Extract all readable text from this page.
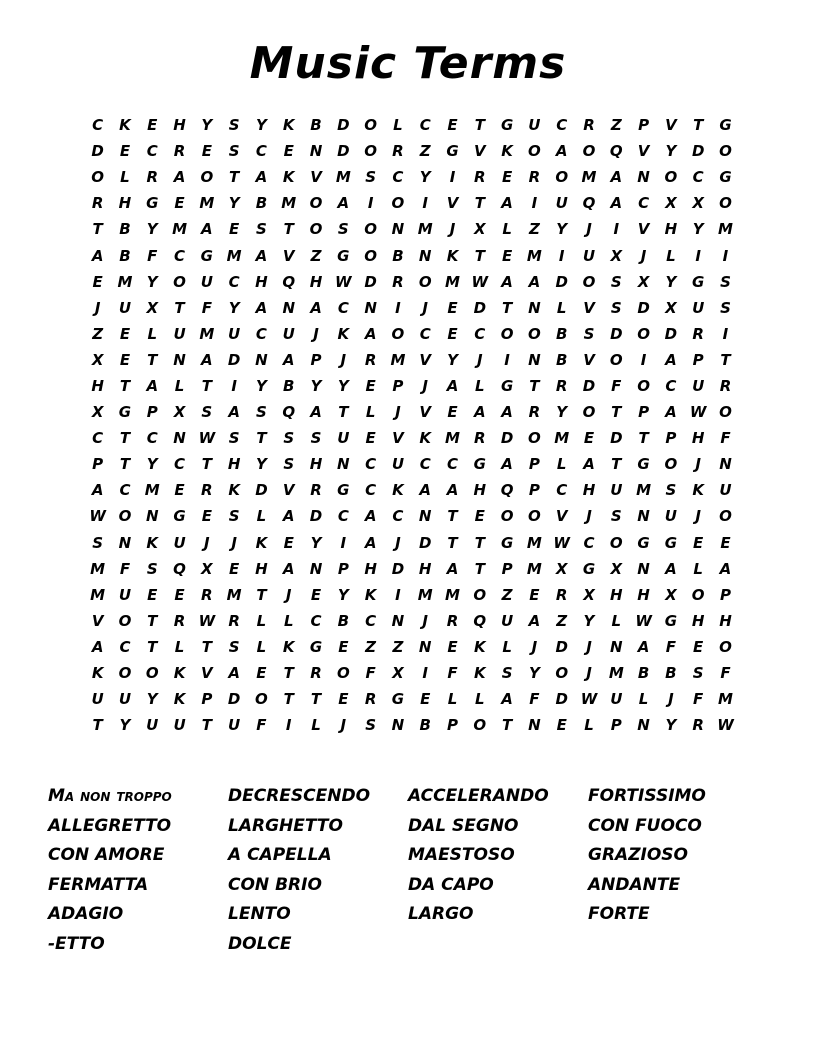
Music Terms
C	K	E	H	Y	S	Y	K	B	D	O	L	C	E	T	G	U	C	R	Z	P	V	T	G
D	E	C	R	E	S	C	E	N	D	O	R	Z	G	V	K	O	A	O	Q	V	Y	D	O
O	L	R	A	O	T	A	K	V	M	S	C	Y	I	R	E	R	O	M	A	N	O	C	G
R	H	G	E	M	Y	B	M	O	A	I	O	I	V	T	A	I	U	Q	A	C	X	X	O
T	B	Y	M	A	E	S	T	O	S	O	N	M	J	X	L	Z	Y	J	I	V	H	Y	M
A	B	F	C	G	M	A	V	Z	G	O	B	N	K	T	E	M	I	U	X	J	L	I	I
E	M	Y	O	U	C	H	Q	H	W	D	R	O	M	W	A	A	D	O	S	X	Y	G	S
J	U	X	T	F	Y	A	N	A	C	N	I	J	E	D	T	N	L	V	S	D	X	U	S
Z	E	L	U	M	U	C	U	J	K	A	O	C	E	C	O	O	B	S	D	O	D	R	I
X	E	T	N	A	D	N	A	P	J	R	M	V	Y	J	I	N	B	V	O	I	A	P	T
H	T	A	L	T	I	Y	B	Y	Y	E	P	J	A	L	G	T	R	D	F	O	C	U	R
X	G	P	X	S	A	S	Q	A	T	L	J	V	E	A	A	R	Y	O	T	P	A	W	O
C	T	C	N	W	S	T	S	S	U	E	V	K	M	R	D	O	M	E	D	T	P	H	F
P	T	Y	C	T	H	Y	S	H	N	C	U	C	C	G	A	P	L	A	T	G	O	J	N
A	C	M	E	R	K	D	V	R	G	C	K	A	A	H	Q	P	C	H	U	M	S	K	U
W	O	N	G	E	S	L	A	D	C	A	C	N	T	E	O	O	V	J	S	N	U	J	O
S	N	K	U	J	J	K	E	Y	I	A	J	D	T	T	G	M	W	C	O	G	G	E	E
M	F	S	Q	X	E	H	A	N	P	H	D	H	A	T	P	M	X	G	X	N	A	L	A
M	U	E	E	R	M	T	J	E	Y	K	I	M	M	O	Z	E	R	X	H	H	X	O	P
V	O	T	R	W	R	L	L	C	B	C	N	J	R	Q	U	A	Z	Y	L	W	G	H	H
A	C	T	L	T	S	L	K	G	E	Z	Z	N	E	K	L	J	D	J	N	A	F	E	O
K	O	O	K	V	A	E	T	R	O	F	X	I	F	K	S	Y	O	J	M	B	B	S	F
U	U	Y	K	P	D	O	T	T	E	R	G	E	L	L	A	F	D	W	U	L	J	F	M
T	Y	U	U	T	U	F	I	L	J	S	N	B	P	O	T	N	E	L	P	N	Y	R	W
Ma non troppo	DECRESCENDO	ACCELERANDO	FORTISSIMO
ALLEGRETTO	LARGHETTO	DAL SEGNO	CON FUOCO
CON AMORE	A CAPELLA	MAESTOSO	GRAZIOSO
FERMATTA	CON BRIO	DA CAPO	ANDANTE
ADAGIO	LENTO	LARGO	FORTE
-ETTO	DOLCE
